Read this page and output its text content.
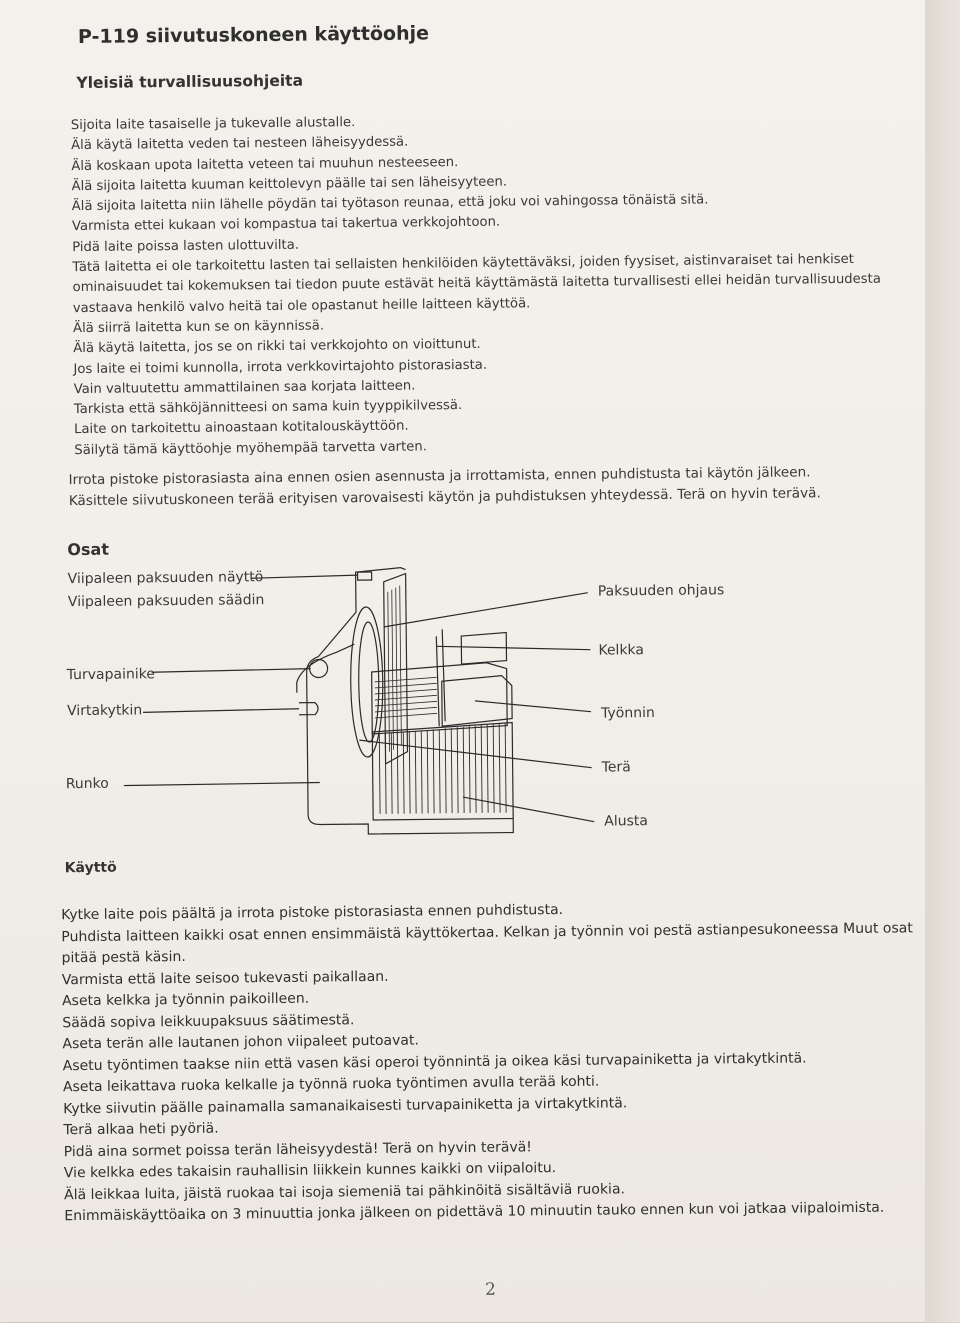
P-119 siivutuskoneen käyttöohje
Yleisiä turvallisuusohjeita
Sijoita laite tasaiselle ja tukevalle alustalle.
Älä käytä laitetta veden tai nesteen läheisyydessä.
Älä koskaan upota laitetta veteen tai muuhun nesteeseen.
Älä sijoita laitetta kuuman keittolevyn päälle tai sen läheisyyteen.
Älä sijoita laitetta niin lähelle pöydän tai työtason reunaa, että joku voi vahingossa tönäistä sitä.
Varmista ettei kukaan voi kompastua tai takertua verkkojohtoon.
Pidä laite poissa lasten ulottuvilta.
Tätä laitetta ei ole tarkoitettu lasten tai sellaisten henkilöiden käytettäväksi, joiden fyysiset, aistinvaraiset tai henkiset
ominaisuudet tai kokemuksen tai tiedon puute estävät heitä käyttämästä laitetta turvallisesti ellei heidän turvallisuudesta
vastaava henkilö valvo heitä tai ole opastanut heille laitteen käyttöä.
Älä siirrä laitetta kun se on käynnissä.
Älä käytä laitetta, jos se on rikki tai verkkojohto on vioittunut.
Jos laite ei toimi kunnolla, irrota verkkovirtajohto pistorasiasta.
Vain valtuutettu ammattilainen saa korjata laitteen.
Tarkista että sähköjännitteesi on sama kuin tyyppikilvessä.
Laite on tarkoitettu ainoastaan kotitalouskäyttöön.
Säilytä tämä käyttöohje myöhempää tarvetta varten.
Irrota pistoke pistorasiasta aina ennen osien asennusta ja irrottamista, ennen puhdistusta tai käytön jälkeen.
Käsittele siivutuskoneen terää erityisen varovaisesti käytön ja puhdistuksen yhteydessä. Terä on hyvin terävä.
Osat
Viipaleen paksuuden näyttö
Viipaleen paksuuden säädin
Turvapainike
Virtakytkin
Runko
Paksuuden ohjaus
Kelkka
Työnnin
Terä
Alusta
Käyttö
Kytke laite pois päältä ja irrota pistoke pistorasiasta ennen puhdistusta.
Puhdista laitteen kaikki osat ennen ensimmäistä käyttökertaa. Kelkan ja työnnin voi pestä astianpesukoneessa Muut osat pitää pestä käsin.
Varmista että laite seisoo tukevasti paikallaan.
Aseta kelkka ja työnnin paikoilleen.
Säädä sopiva leikkuupaksuus säätimestä.
Aseta terän alle lautanen johon viipaleet putoavat.
Asetu työntimen taakse niin että vasen käsi operoi työnnintä ja oikea käsi turvapainiketta ja virtakytkintä.
Aseta leikattava ruoka kelkalle ja työnnä ruoka työntimen avulla terää kohti.
Kytke siivutin päälle painamalla samanaikaisesti turvapainiketta ja virtakytkintä.
Terä alkaa heti pyöriä.
Pidä aina sormet poissa terän läheisyydestä! Terä on hyvin terävä!
Vie kelkka edes takaisin rauhallisin liikkein kunnes kaikki on viipaloitu.
Älä leikkaa luita, jäistä ruokaa tai isoja siemeniä tai pähkinöitä sisältäviä ruokia.
Enimmäiskäyttöaika on 3 minuuttia jonka jälkeen on pidettävä 10 minuutin tauko ennen kun voi jatkaa viipaloimista.
2
